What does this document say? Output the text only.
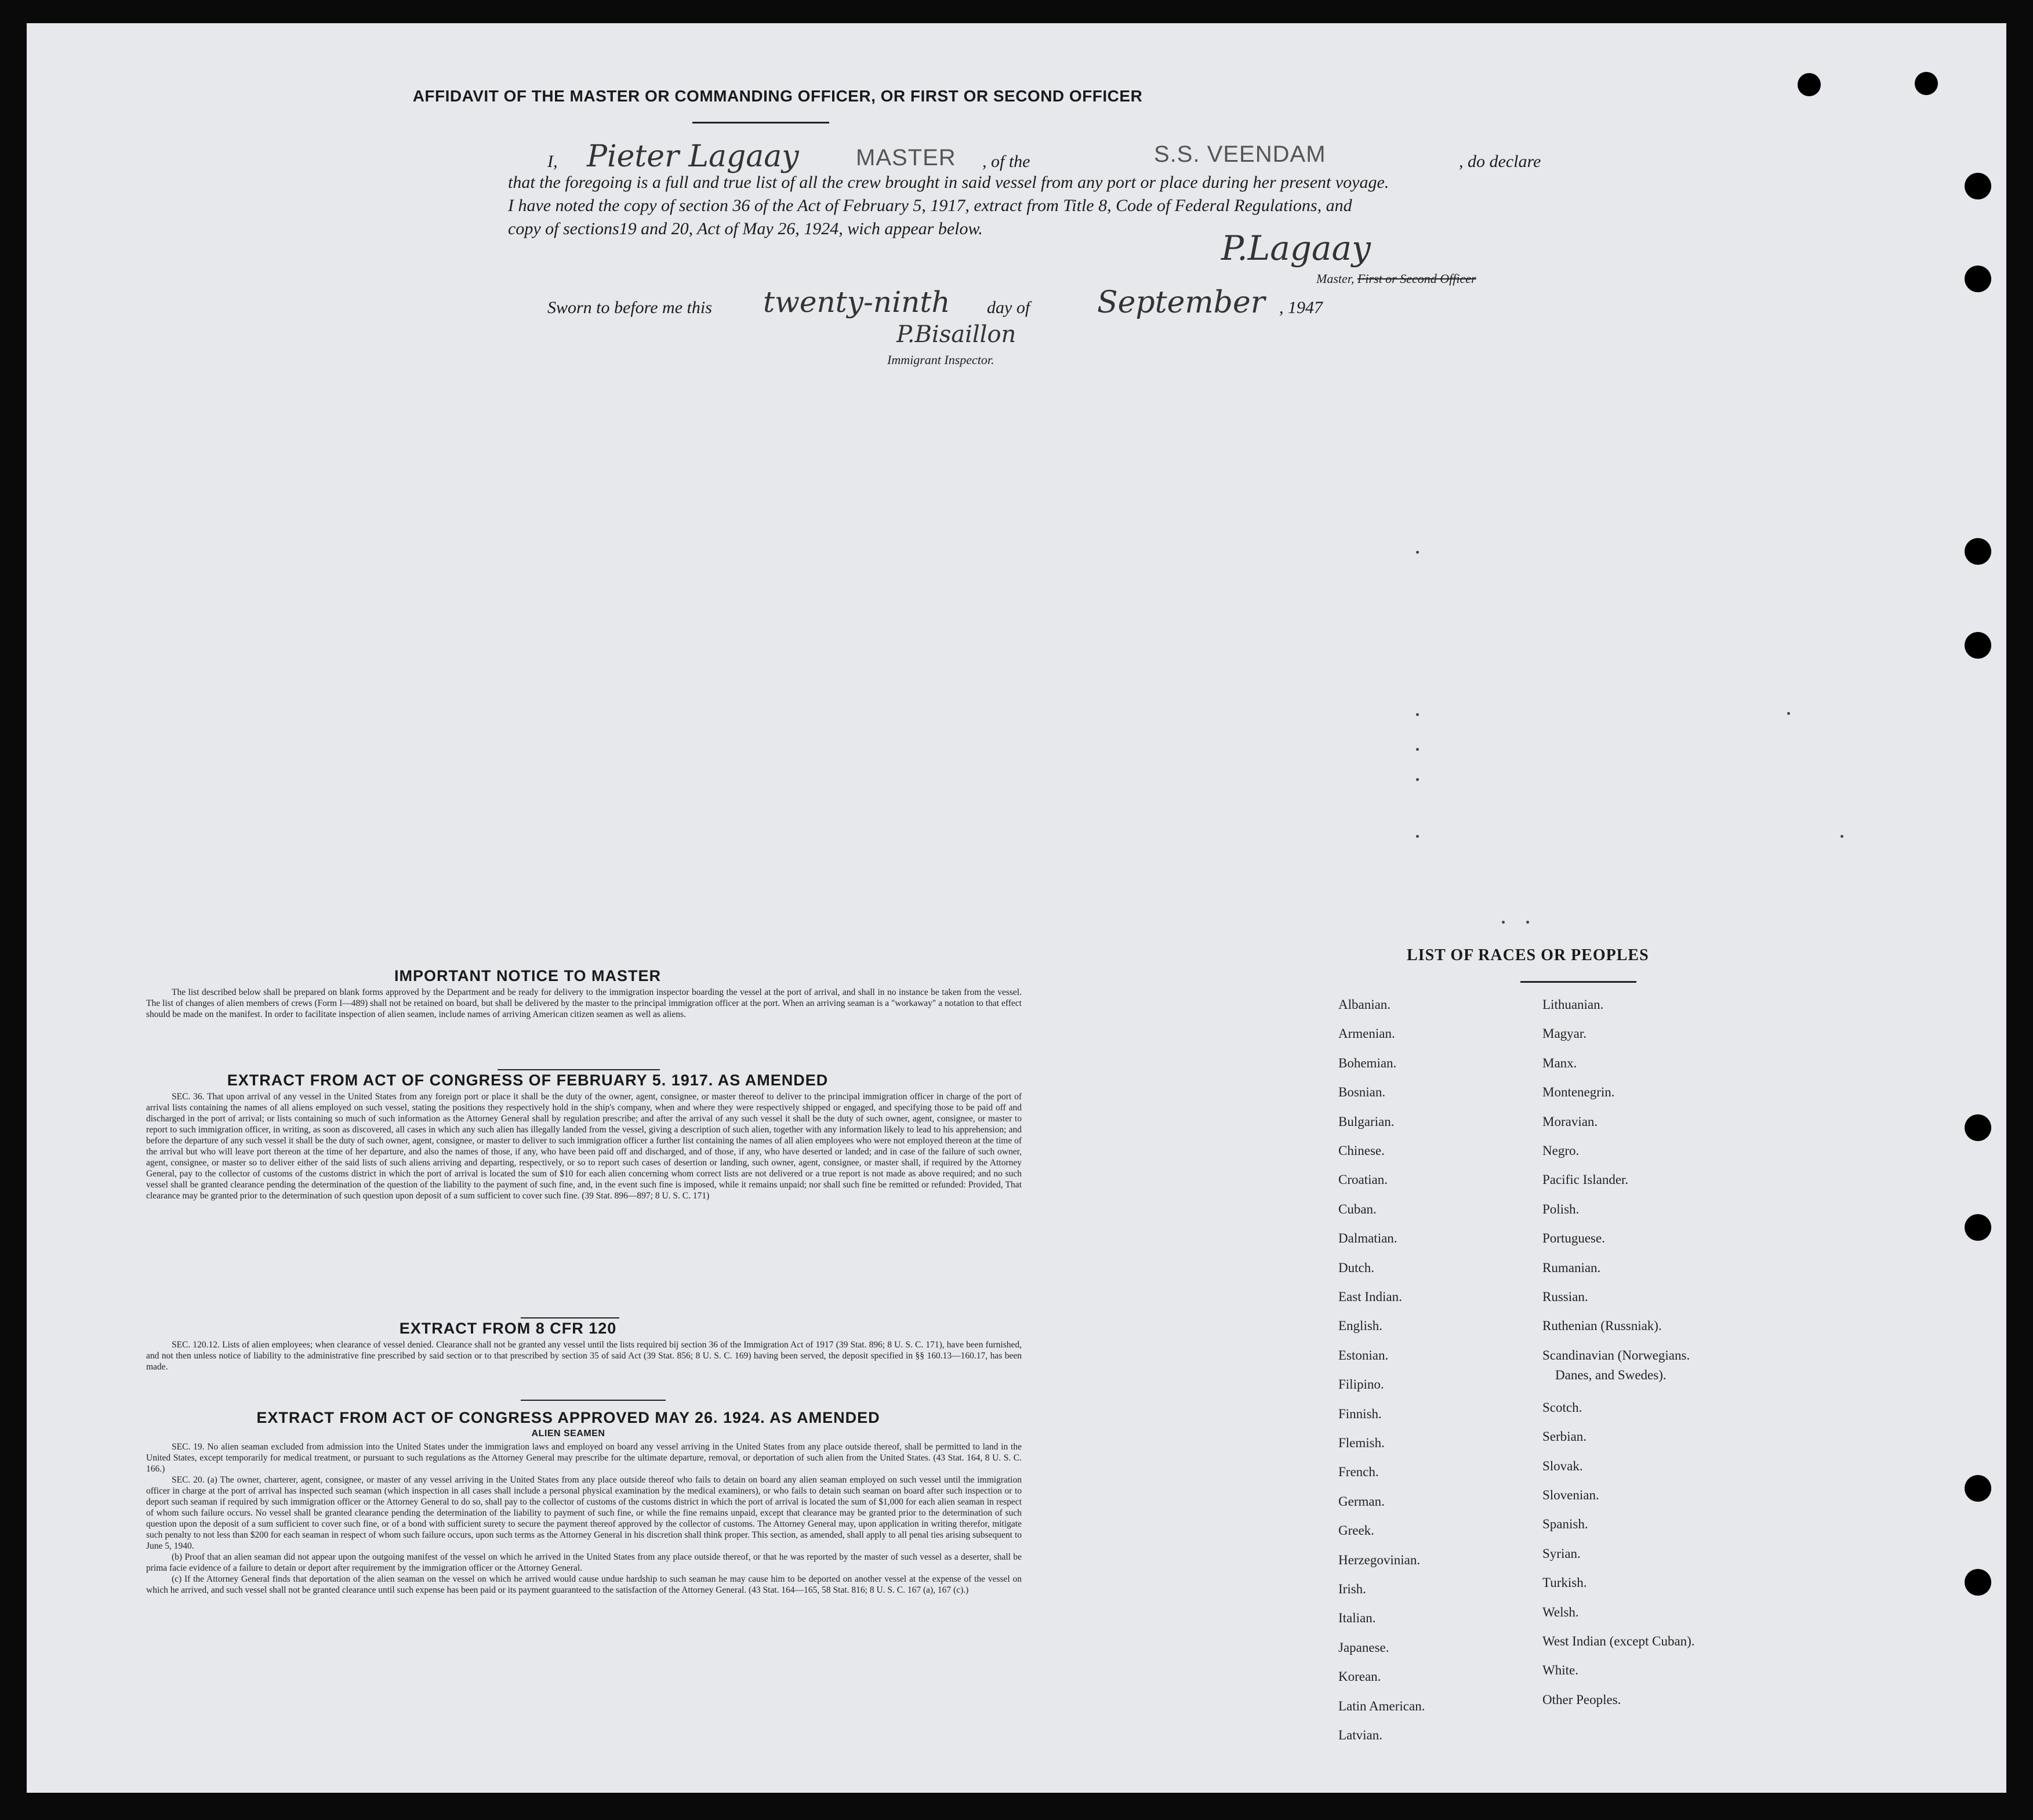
AFFIDAVIT OF THE MASTER OR COMMANDING OFFICER, OR FIRST OR SECOND OFFICER
I, Pieter Lagaay MASTER , of the	S.S. VEENDAM	, do declare
that the foregoing is a full and true list of all the crew brought in said vessel from any port or place during her present voyage.
I have noted the copy of section 36 of the Act of February 5, 1917, extract from Title 8, Code of Federal Regulations, and
copy of sections19 and 20, Act of May 26, 1924, wich appear below.	P.Lagaay
Master, First or Second Officer
Sworn to before me this twenty-ninth day of September , 1947
P.Bisaillon
Immigrant Inspector.
IMPORTANT NOTICE TO MASTER

The list described below shall be prepared on blank forms approved by the Department and be ready for delivery to the immigration inspector boarding the vessel at the port of arrival, and shall in no instance be taken from the vessel. The list of changes of alien members of crews (Form I—489) shall not be retained on board, but shall be delivered by the master to the principal immigration officer at the port. When an arriving seaman is a "workaway" a notation to that effect should be made on the manifest. In order to facilitate inspection of alien seamen, include names of arriving American citizen seamen as well as aliens.

EXTRACT FROM ACT OF CONGRESS OF FEBRUARY 5. 1917. AS AMENDED

SEC. 36. That upon arrival of any vessel in the United States from any foreign port or place it shall be the duty of the owner, agent, consignee, or master thereof to deliver to the principal immigration officer in charge of the port of arrival lists containing the names of all aliens employed on such vessel, stating the positions they respectively hold in the ship's company, when and where they were respectively shipped or engaged, and specifying those to be paid off and discharged in the port of arrival; or lists containing so much of such information as the Attorney General shall by regulation prescribe; and after the arrival of any such vessel it shall be the duty of such owner, agent, consignee, or master to report to such immigration officer, in writing, as soon as discovered, all cases in which any such alien has illegally landed from the vessel, giving a description of such alien, together with any information likely to lead to his apprehension; and before the departure of any such vessel it shall be the duty of such owner, agent, consignee, or master to deliver to such immigration officer a further list containing the names of all alien employees who were not employed thereon at the time of the arrival but who will leave port thereon at the time of her departure, and also the names of those, if any, who have been paid off and discharged, and of those, if any, who have deserted or landed; and in case of the failure of such owner, agent, consignee, or master so to deliver either of the said lists of such aliens arriving and departing, respectively, or so to report such cases of desertion or landing, such owner, agent, consignee, or master shall, if required by the Attorney General, pay to the collector of customs of the customs district in which the port of arrival is located the sum of $10 for each alien concerning whom correct lists are not delivered or a true report is not made as above required; and no such vessel shall be granted clearance pending the determination of the question of the liability to the payment of such fine, and, in the event such fine is imposed, while it remains unpaid; nor shall such fine be remitted or refunded: Provided, That clearance may be granted prior to the determination of such question upon deposit of a sum sufficient to cover such fine. (39 Stat. 896—897; 8 U. S. C. 171)

EXTRACT FROM 8 CFR 120

SEC. 120.12. Lists of alien employees; when clearance of vessel denied. Clearance shall not be granted any vessel until the lists required bij section 36 of the Immigration Act of 1917 (39 Stat. 896; 8 U. S. C. 171), have been furnished, and not then unless notice of liability to the administrative fine prescribed by said section or to that prescribed by section 35 of said Act (39 Stat. 856; 8 U. S. C. 169) having been served, the deposit specified in §§ 160.13—160.17, has been made.

EXTRACT FROM ACT OF CONGRESS APPROVED MAY 26. 1924. AS AMENDED
ALIEN SEAMEN

SEC. 19. No alien seaman excluded from admission into the United States under the immigration laws and employed on board any vessel arriving in the United States from any place outside thereof, shall be permitted to land in the United States, except temporarily for medical treatment, or pursuant to such regulations as the Attorney General may prescribe for the ultimate departure, removal, or deportation of such alien from the United States. (43 Stat. 164, 8 U. S. C. 166.)

SEC. 20. (a) The owner, charterer, agent, consignee, or master of any vessel arriving in the United States from any place outside thereof who fails to detain on board any alien seaman employed on such vessel until the immigration officer in charge at the port of arrival has inspected such seaman (which inspection in all cases shall include a personal physical examination by the medical examiners), or who fails to detain such seaman on board after such inspection or to deport such seaman if required by such immigration officer or the Attorney General to do so, shall pay to the collector of customs of the customs district in which the port of arrival is located the sum of $1,000 for each alien seaman in respect of whom such failure occurs. No vessel shall be granted clearance pending the determination of the liability to payment of such fine, or while the fine remains unpaid, except that clearance may be granted prior to the determination of such question upon the deposit of a sum sufficient to cover such fine, or of a bond with sufficient surety to secure the payment thereof approved by the collector of customs. The Attorney General may, upon application in writing therefor, mitigate such penalty to not less than $200 for each seaman in respect of whom such failure occurs, upon such terms as the Attorney General in his discretion shall think proper. This section, as amended, shall apply to all penal ties arising subsequent to June 5, 1940.

(b) Proof that an alien seaman did not appear upon the outgoing manifest of the vessel on which he arrived in the United States from any place outside thereof, or that he was reported by the master of such vessel as a deserter, shall be prima facie evidence of a failure to detain or deport after requirement by the immigration officer or the Attorney General.

(c) If the Attorney General finds that deportation of the alien seaman on the vessel on which he arrived would cause undue hardship to such seaman he may cause him to be deported on another vessel at the expense of the vessel on which he arrived, and such vessel shall not be granted clearance until such expense has been paid or its payment guaranteed to the satisfaction of the Attorney General. (43 Stat. 164—165, 58 Stat. 816; 8 U. S. C. 167 (a), 167 (c).)

LIST OF RACES OR PEOPLES
Albanian.
Armenian.
Bohemian.
Bosnian.
Bulgarian.
Chinese.
Croatian.
Cuban.
Dalmatian.
Dutch.
East Indian.
English.
Estonian.
Filipino.
Finnish.
Flemish.
French.
German.
Greek.
Herzegovinian.
Irish.
Italian.
Japanese.
Korean.
Latin American.
Latvian.
Lithuanian.
Magyar.
Manx.
Montenegrin.
Moravian.
Negro.
Pacific Islander.
Polish.
Portuguese.
Rumanian.
Russian.
Ruthenian (Russniak).
Scandinavian (Norwegians.
Danes, and Swedes).
Scotch.
Serbian.
Slovak.
Slovenian.
Spanish.
Syrian.
Turkish.
Welsh.
West Indian (except Cuban).
White.
Other Peoples.
